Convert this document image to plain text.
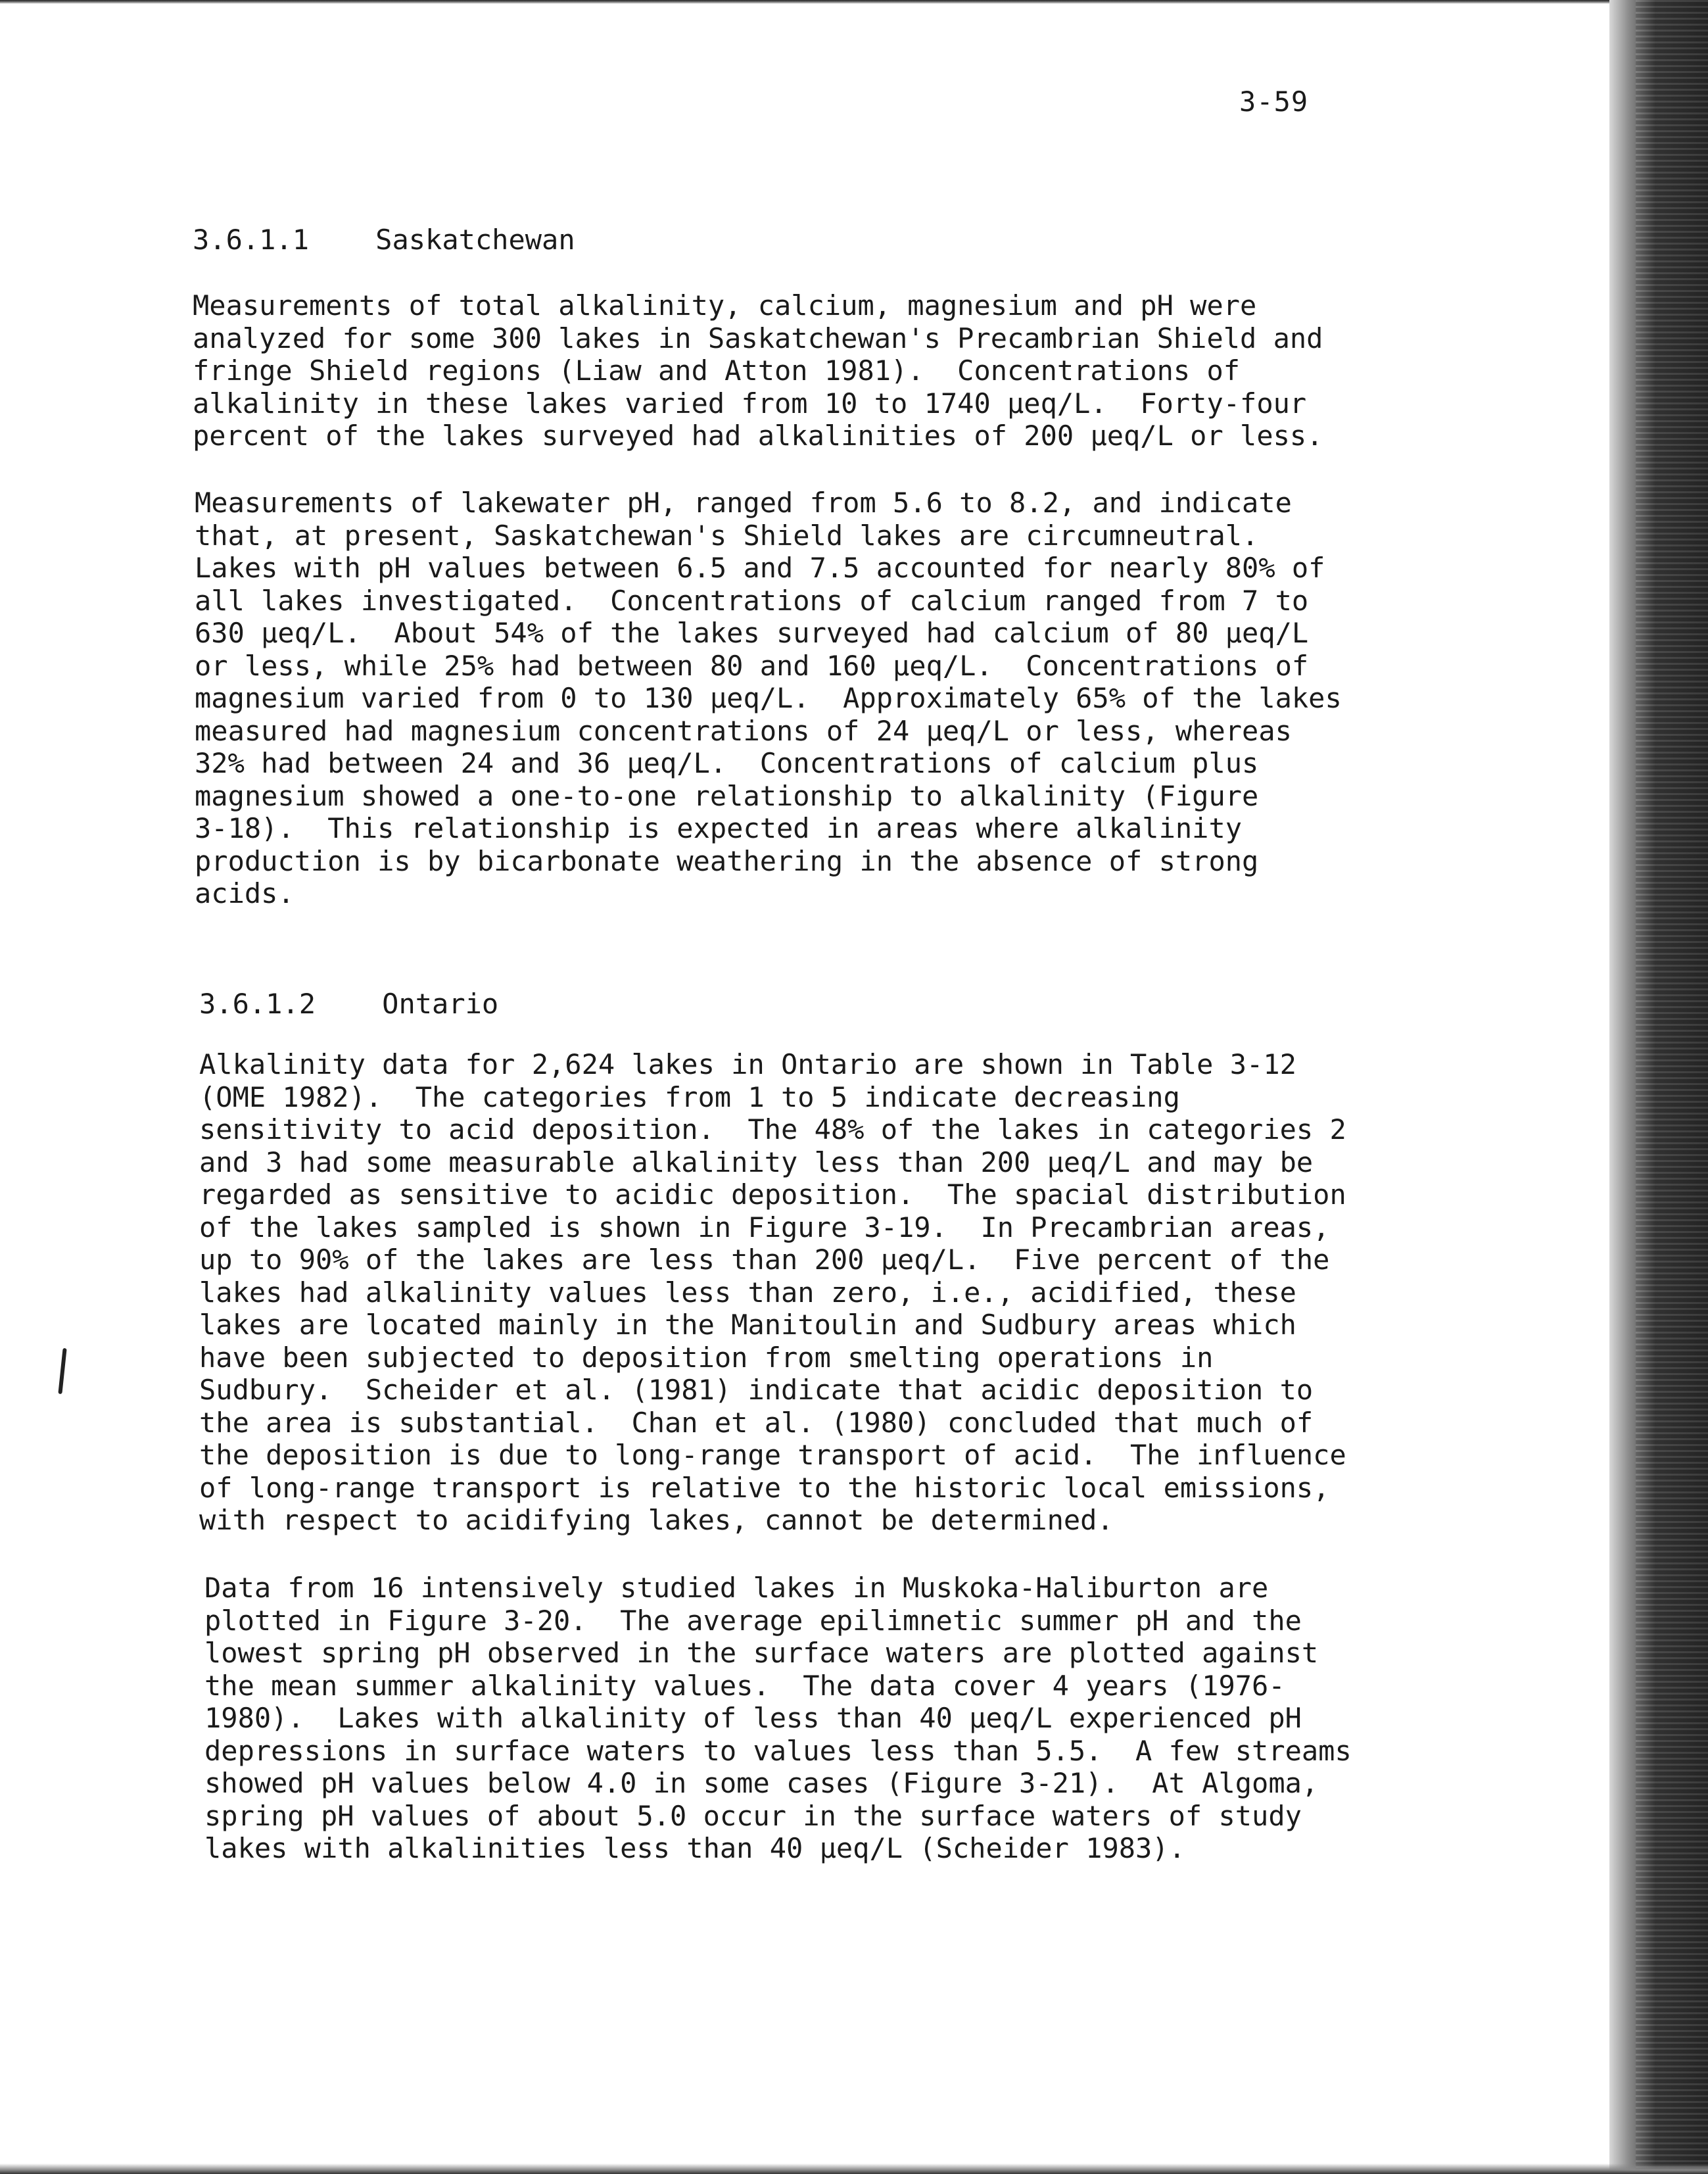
3-59
3.6.1.1 Saskatchewan
Measurements of total alkalinity, calcium, magnesium and pH were
analyzed for some 300 lakes in Saskatchewan's Precambrian Shield and
fringe Shield regions (Liaw and Atton 1981).  Concentrations of
alkalinity in these lakes varied from 10 to 1740 μeq/L.  Forty-four
percent of the lakes surveyed had alkalinities of 200 μeq/L or less.
Measurements of lakewater pH, ranged from 5.6 to 8.2, and indicate
that, at present, Saskatchewan's Shield lakes are circumneutral.
Lakes with pH values between 6.5 and 7.5 accounted for nearly 80% of
all lakes investigated.  Concentrations of calcium ranged from 7 to
630 μeq/L.  About 54% of the lakes surveyed had calcium of 80 μeq/L
or less, while 25% had between 80 and 160 μeq/L.  Concentrations of
magnesium varied from 0 to 130 μeq/L.  Approximately 65% of the lakes
measured had magnesium concentrations of 24 μeq/L or less, whereas
32% had between 24 and 36 μeq/L.  Concentrations of calcium plus
magnesium showed a one-to-one relationship to alkalinity (Figure
3-18).  This relationship is expected in areas where alkalinity
production is by bicarbonate weathering in the absence of strong
acids.
3.6.1.2 Ontario
Alkalinity data for 2,624 lakes in Ontario are shown in Table 3-12
(OME 1982).  The categories from 1 to 5 indicate decreasing
sensitivity to acid deposition.  The 48% of the lakes in categories 2
and 3 had some measurable alkalinity less than 200 μeq/L and may be
regarded as sensitive to acidic deposition.  The spacial distribution
of the lakes sampled is shown in Figure 3-19.  In Precambrian areas,
up to 90% of the lakes are less than 200 μeq/L.  Five percent of the
lakes had alkalinity values less than zero, i.e., acidified, these
lakes are located mainly in the Manitoulin and Sudbury areas which
have been subjected to deposition from smelting operations in
Sudbury.  Scheider et al. (1981) indicate that acidic deposition to
the area is substantial.  Chan et al. (1980) concluded that much of
the deposition is due to long-range transport of acid.  The influence
of long-range transport is relative to the historic local emissions,
with respect to acidifying lakes, cannot be determined.
Data from 16 intensively studied lakes in Muskoka-Haliburton are
plotted in Figure 3-20.  The average epilimnetic summer pH and the
lowest spring pH observed in the surface waters are plotted against
the mean summer alkalinity values.  The data cover 4 years (1976-
1980).  Lakes with alkalinity of less than 40 μeq/L experienced pH
depressions in surface waters to values less than 5.5.  A few streams
showed pH values below 4.0 in some cases (Figure 3-21).  At Algoma,
spring pH values of about 5.0 occur in the surface waters of study
lakes with alkalinities less than 40 μeq/L (Scheider 1983).
